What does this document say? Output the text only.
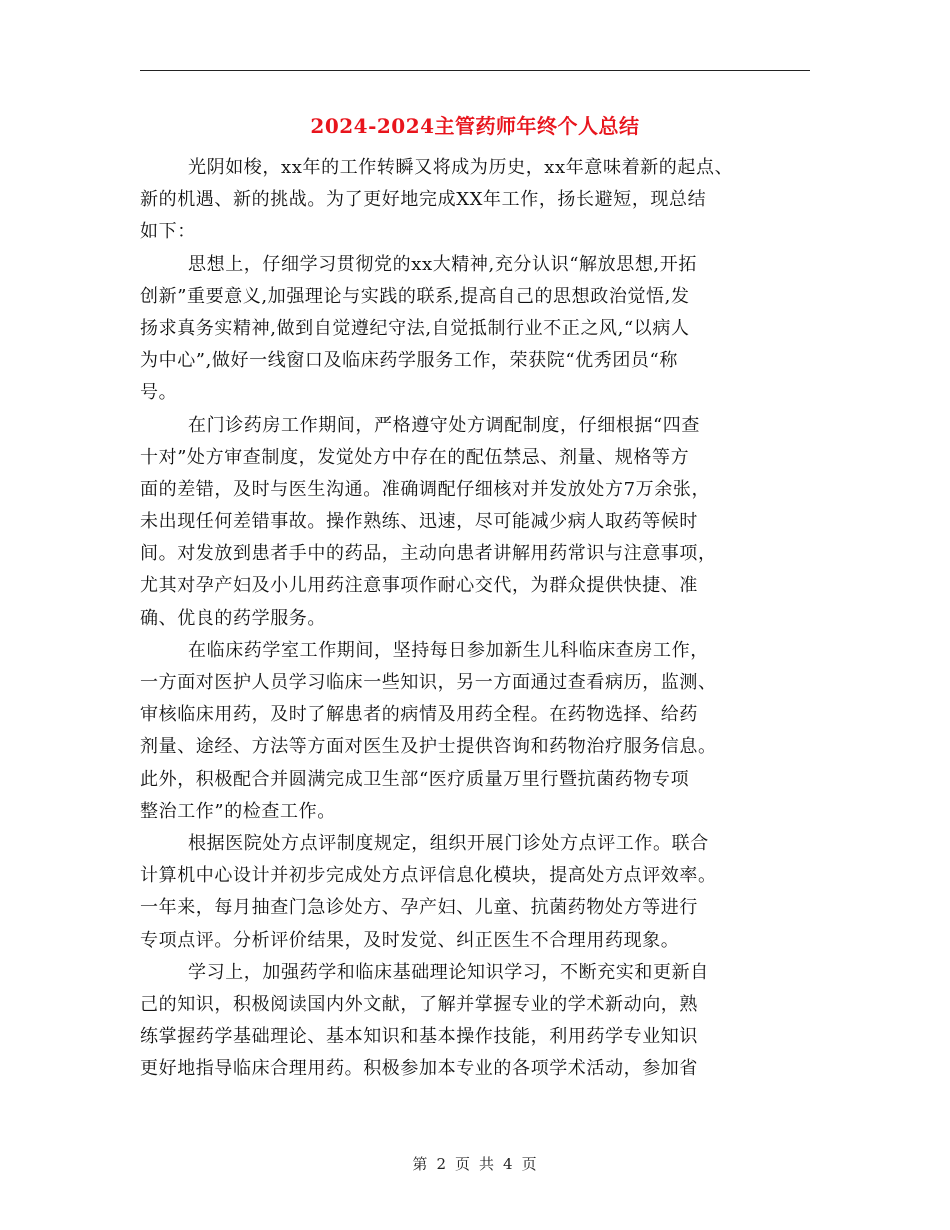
2024-2024主管药师年终个人总结
光阴如梭，xx年的工作转瞬又将成为历史，xx年意味着新的起点、
新的机遇、新的挑战。为了更好地完成XX年工作，扬长避短，现总结
如下：
思想上，仔细学习贯彻党的xx大精神,充分认识“解放思想,开拓
创新”重要意义,加强理论与实践的联系,提高自己的思想政治觉悟,发
扬求真务实精神,做到自觉遵纪守法,自觉抵制行业不正之风,“以病人
为中心”,做好一线窗口及临床药学服务工作，荣获院“优秀团员“称
号。
在门诊药房工作期间，严格遵守处方调配制度，仔细根据“四查
十对”处方审查制度，发觉处方中存在的配伍禁忌、剂量、规格等方
面的差错，及时与医生沟通。准确调配仔细核对并发放处方7万余张，
未出现任何差错事故。操作熟练、迅速，尽可能减少病人取药等候时
间。对发放到患者手中的药品，主动向患者讲解用药常识与注意事项，
尤其对孕产妇及小儿用药注意事项作耐心交代，为群众提供快捷、准
确、优良的药学服务。
在临床药学室工作期间，坚持每日参加新生儿科临床查房工作，
一方面对医护人员学习临床一些知识，另一方面通过查看病历，监测、
审核临床用药，及时了解患者的病情及用药全程。在药物选择、给药
剂量、途经、方法等方面对医生及护士提供咨询和药物治疗服务信息。
此外，积极配合并圆满完成卫生部“医疗质量万里行暨抗菌药物专项
整治工作”的检查工作。
根据医院处方点评制度规定，组织开展门诊处方点评工作。联合
计算机中心设计并初步完成处方点评信息化模块，提高处方点评效率。
一年来，每月抽查门急诊处方、孕产妇、儿童、抗菌药物处方等进行
专项点评。分析评价结果，及时发觉、纠正医生不合理用药现象。
学习上，加强药学和临床基础理论知识学习，不断充实和更新自
己的知识，积极阅读国内外文献，了解并掌握专业的学术新动向，熟
练掌握药学基础理论、基本知识和基本操作技能，利用药学专业知识
更好地指导临床合理用药。积极参加本专业的各项学术活动，参加省
第 2 页 共 4 页
